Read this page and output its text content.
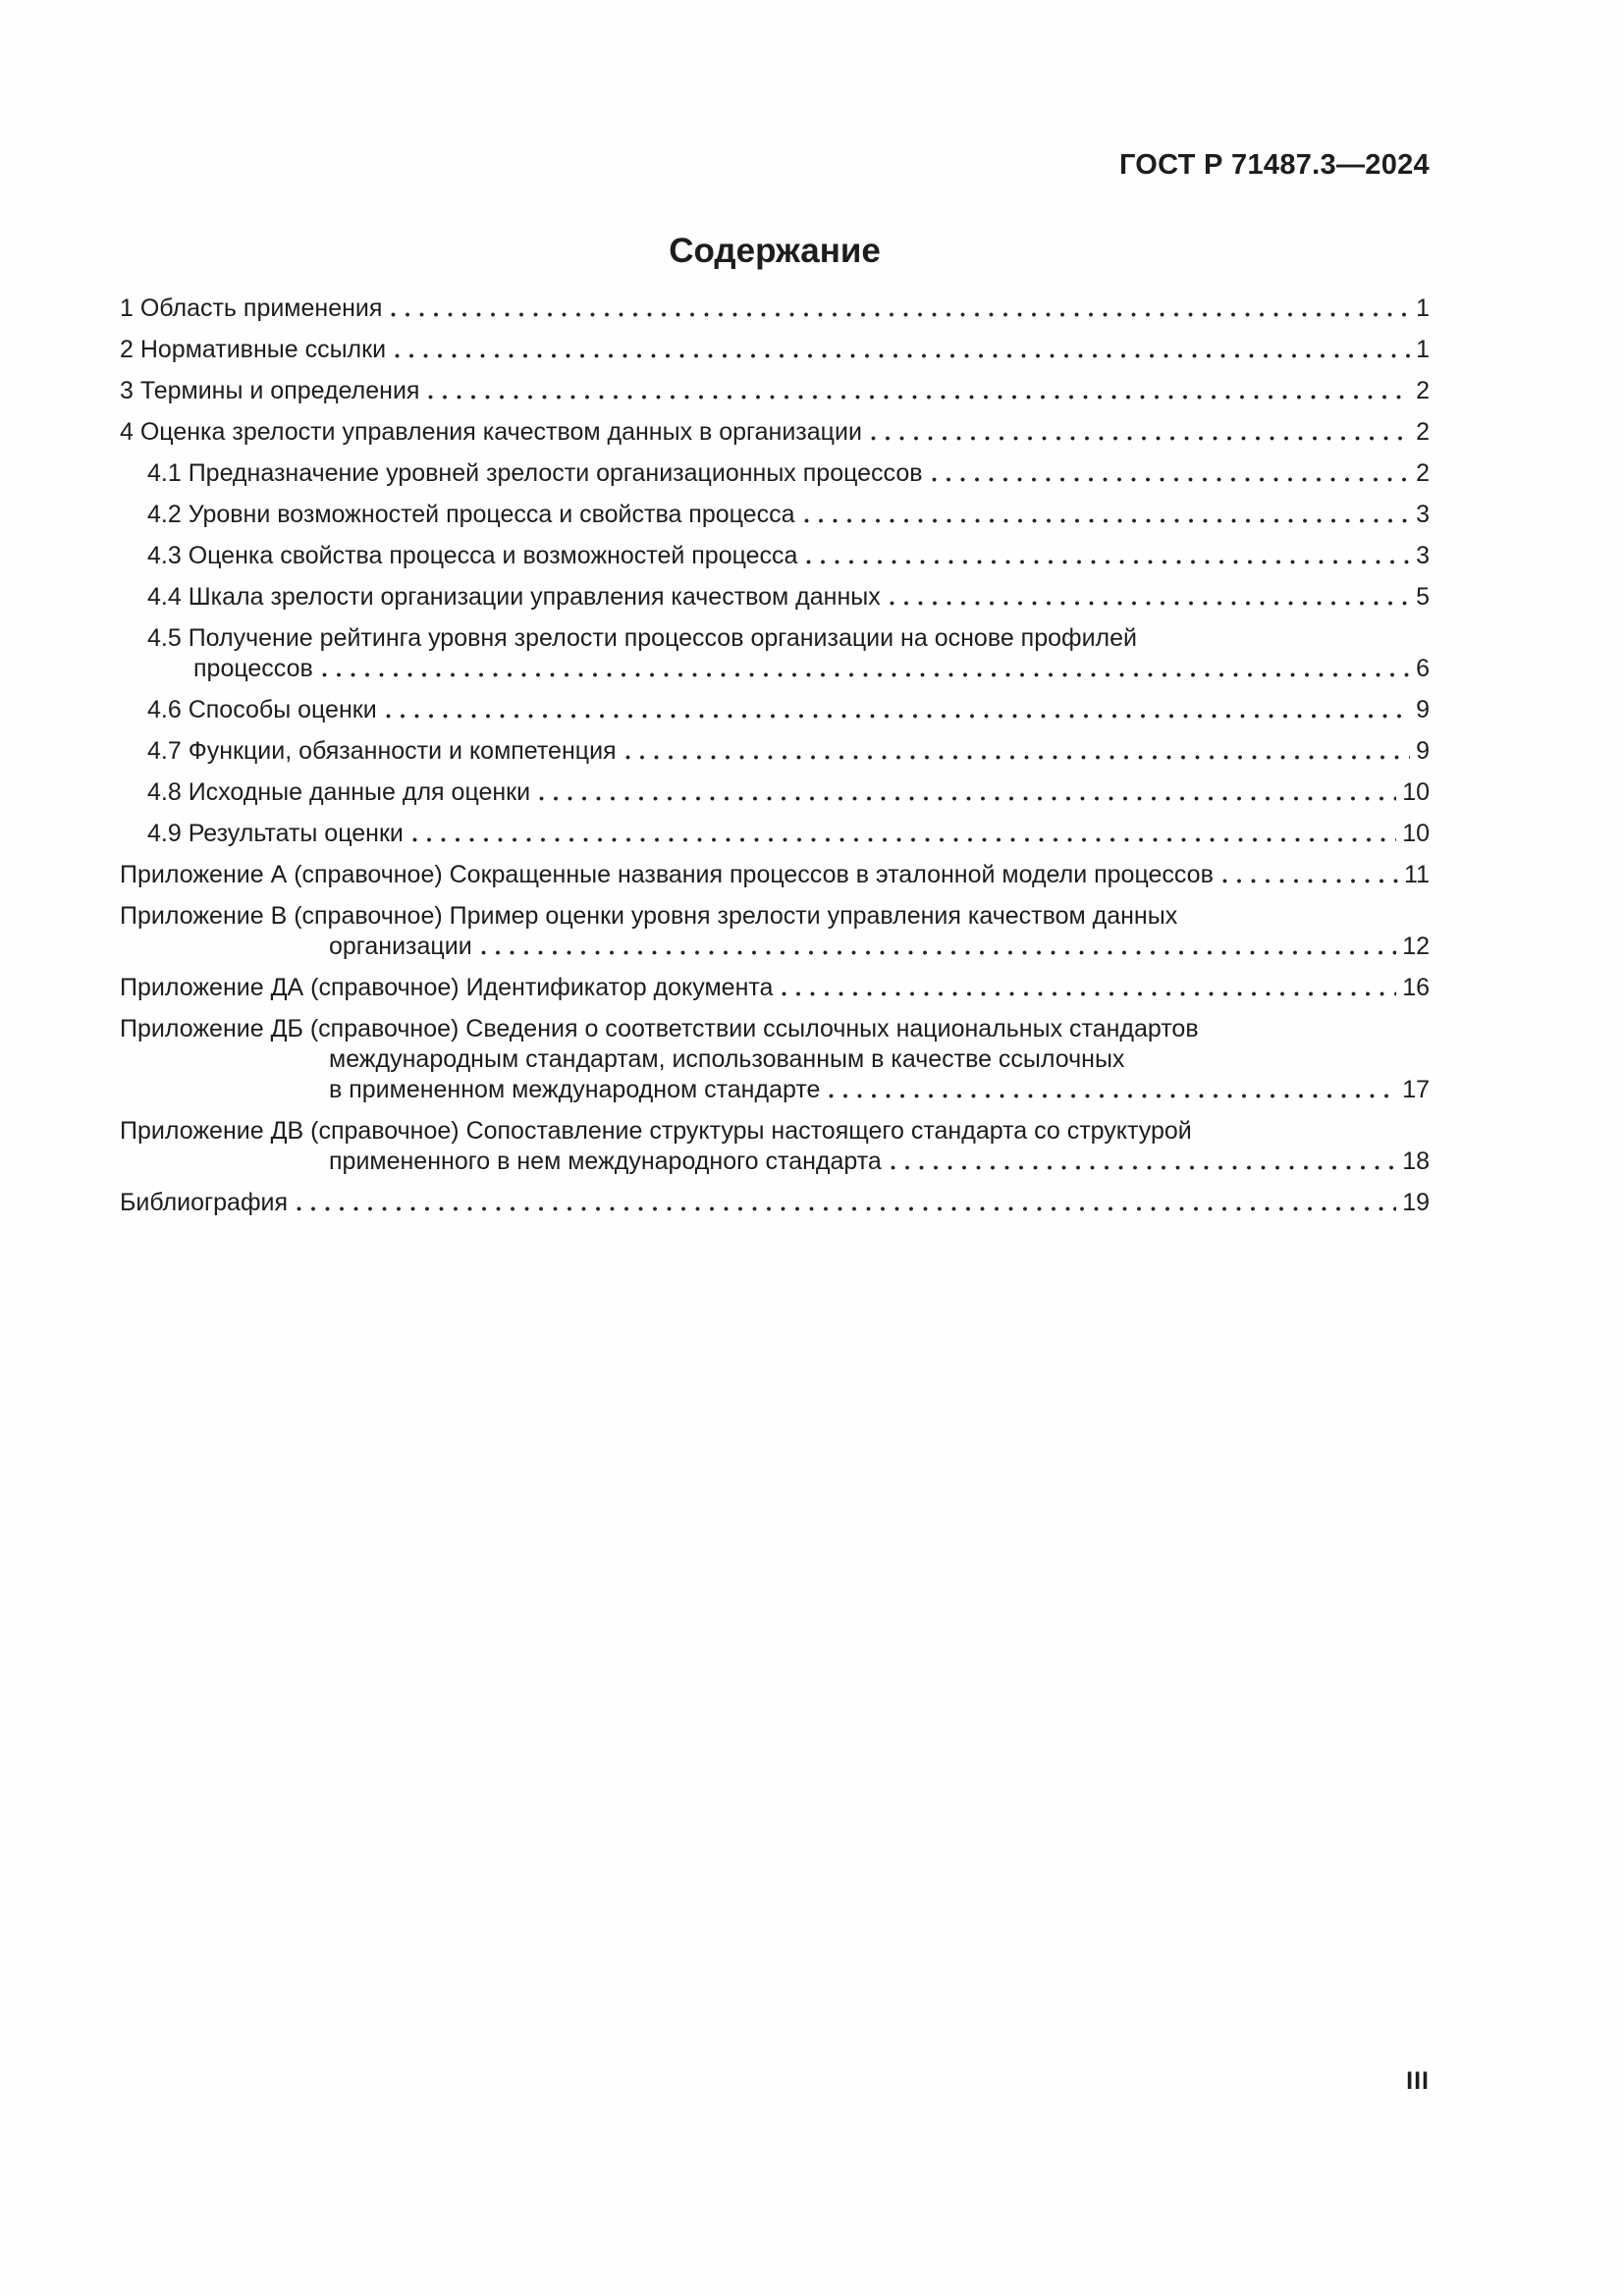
ГОСТ Р 71487.3—2024
Содержание
1 Область применения	1
2 Нормативные ссылки	1
3 Термины и определения	2
4 Оценка зрелости управления качеством данных в организации	2
4.1 Предназначение уровней зрелости организационных процессов	2
4.2 Уровни возможностей процесса и свойства процесса	3
4.3 Оценка свойства процесса и возможностей процесса	3
4.4 Шкала зрелости организации управления качеством данных	5
4.5 Получение рейтинга уровня зрелости процессов организации на основе профилей
процессов	6
4.6 Способы оценки	9
4.7 Функции, обязанности и компетенция	9
4.8 Исходные данные для оценки	10
4.9 Результаты оценки	10
Приложение А (справочное) Сокращенные названия процессов в эталонной модели процессов	11
Приложение В (справочное) Пример оценки уровня зрелости управления качеством данных
организации	12
Приложение ДА (справочное) Идентификатор документа	16
Приложение ДБ (справочное) Сведения о соответствии ссылочных национальных стандартов
международным стандартам, использованным в качестве ссылочных
в примененном международном стандарте	17
Приложение ДВ (справочное) Сопоставление структуры настоящего стандарта со структурой
примененного в нем международного стандарта	18
Библиография	19
III
